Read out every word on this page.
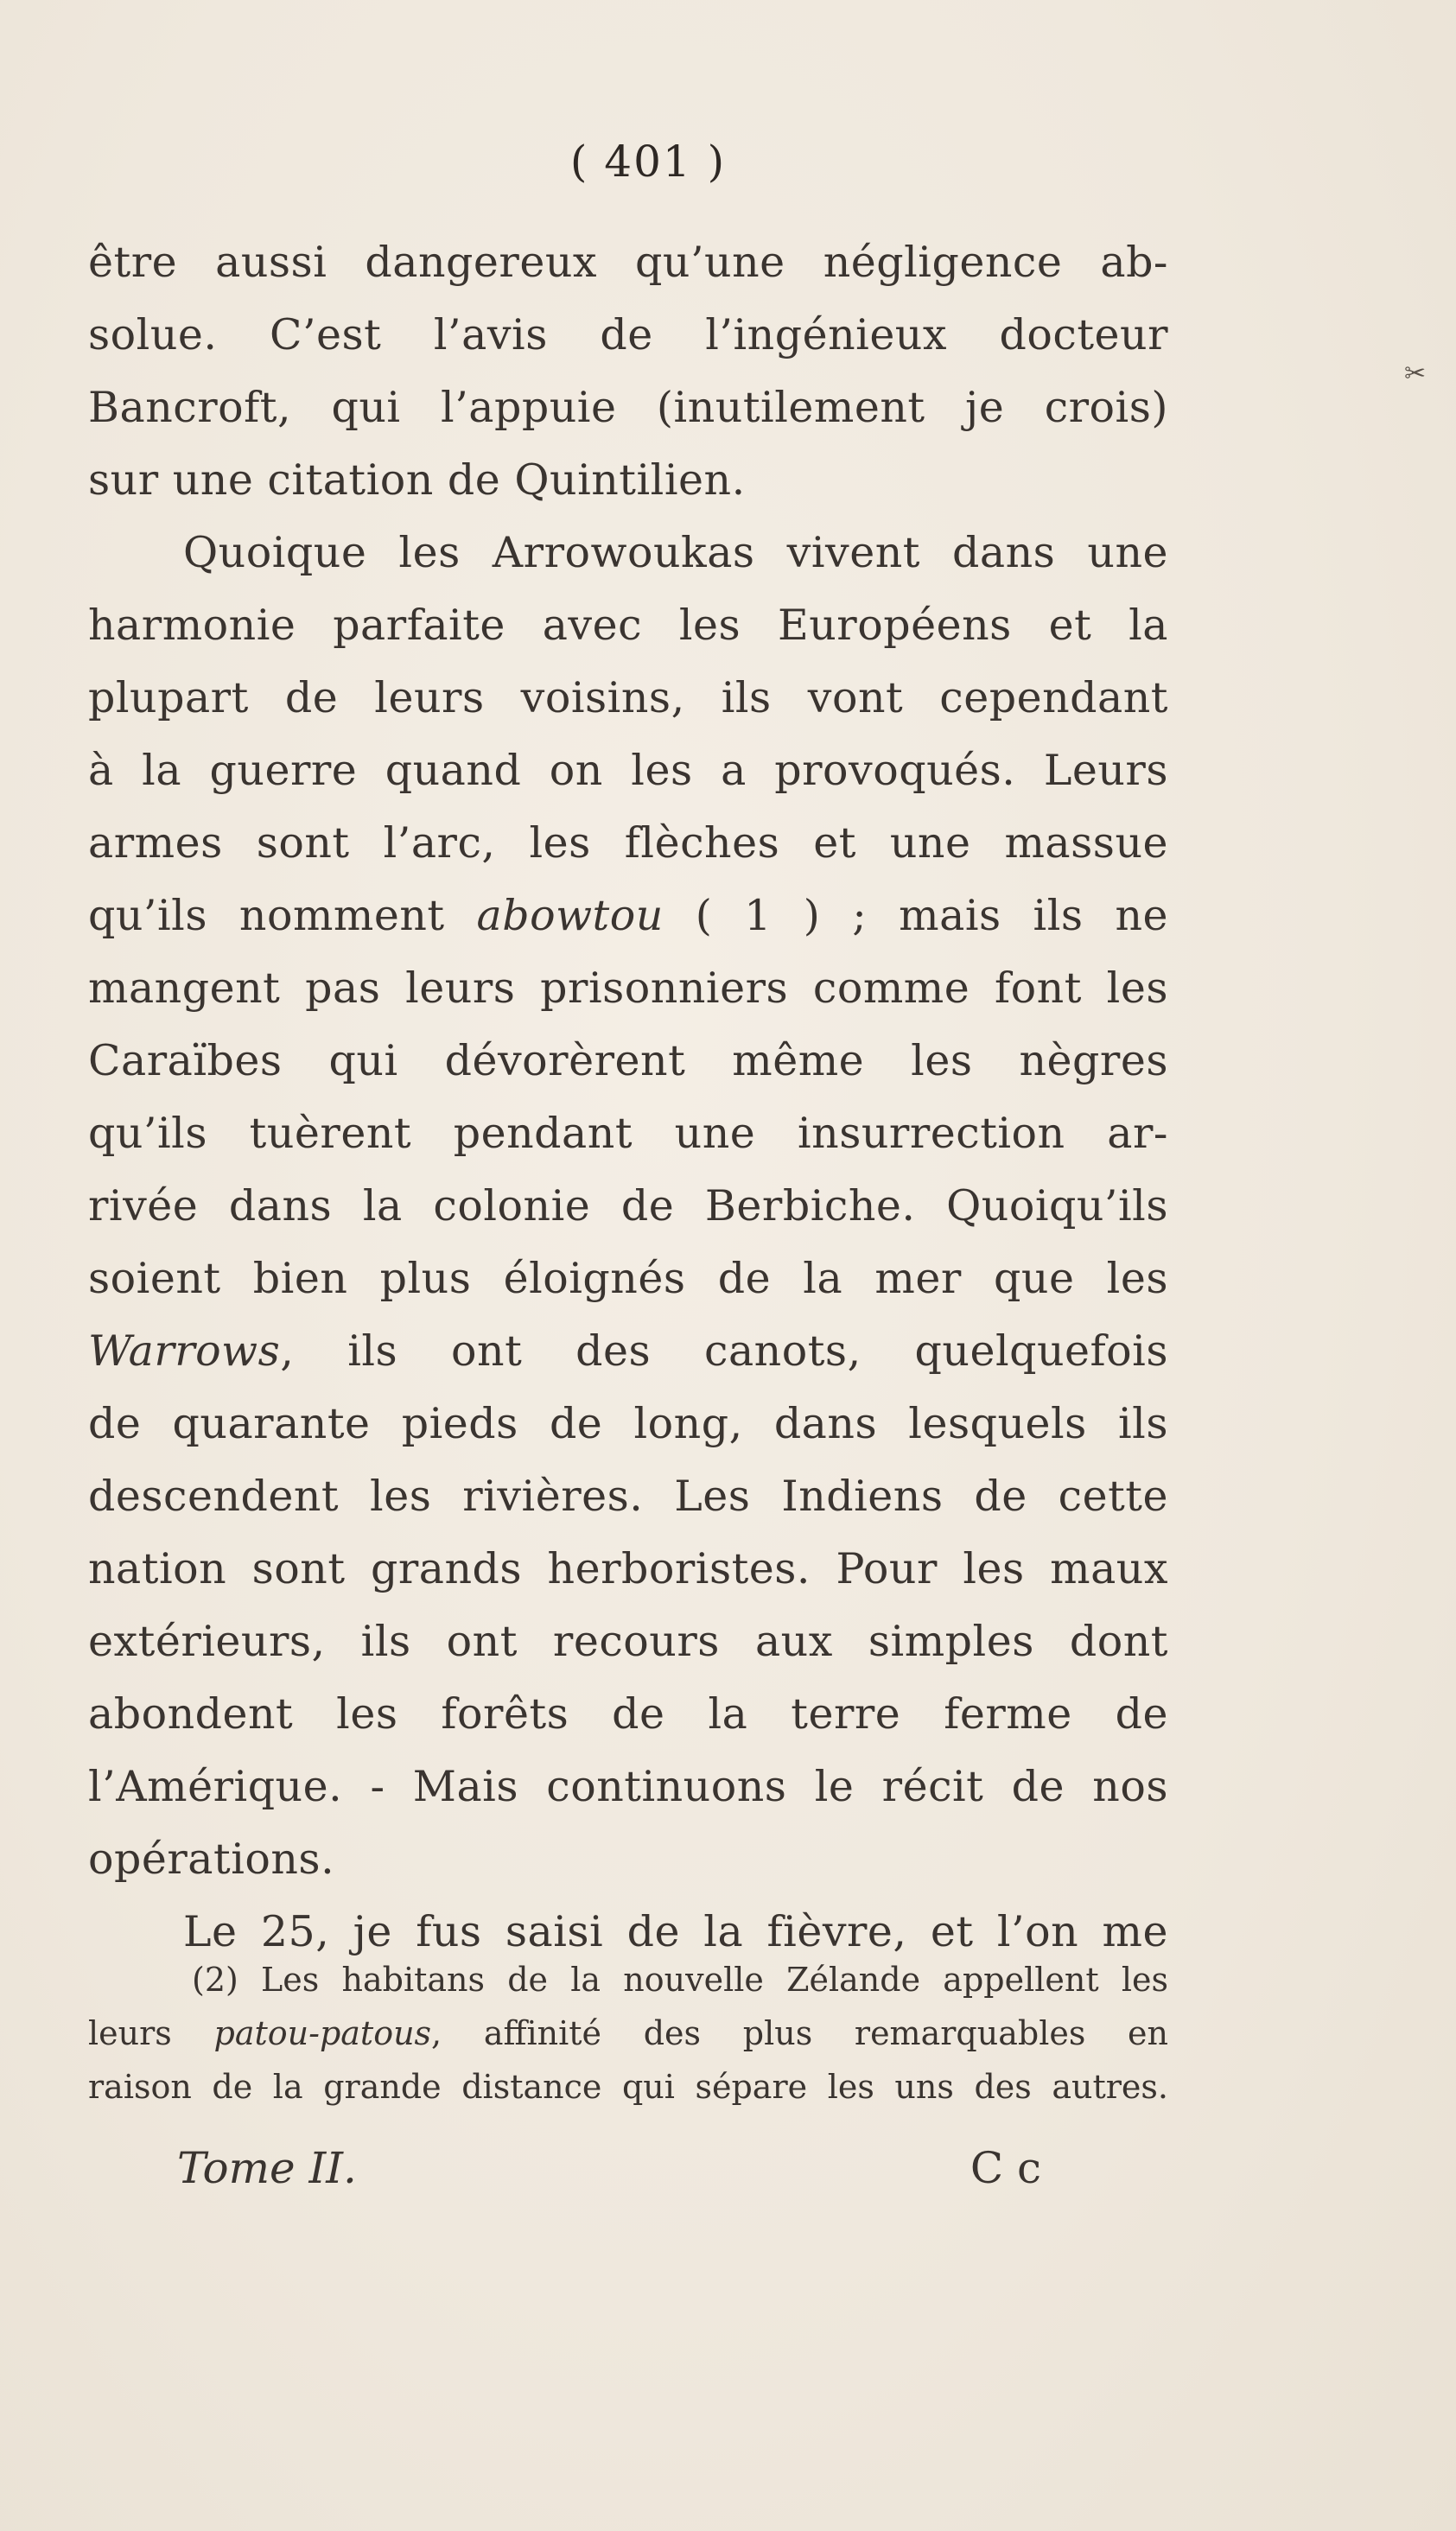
( 401 )
✂
être aussi dangereux qu’une négligence ab-
solue. C’est l’avis de l’ingénieux docteur
Bancroft, qui l’appuie (inutilement je crois)
sur une citation de Quintilien.
Quoique les Arrowoukas vivent dans une
harmonie parfaite avec les Européens et la
plupart de leurs voisins, ils vont cependant
à la guerre quand on les a provoqués. Leurs
armes sont l’arc, les flèches et une massue
qu’ils nomment abowtou ( 1 ) ; mais ils ne
mangent pas leurs prisonniers comme font les
Caraïbes qui dévorèrent même les nègres
qu’ils tuèrent pendant une insurrection ar-
rivée dans la colonie de Berbiche. Quoiqu’ils
soient bien plus éloignés de la mer que les
Warrows, ils ont des canots, quelquefois
de quarante pieds de long, dans lesquels ils
descendent les rivières. Les Indiens de cette
nation sont grands herboristes. Pour les maux
extérieurs, ils ont recours aux simples dont
abondent les forêts de la terre ferme de
l’Amérique. - Mais continuons le récit de nos
opérations.
Le 25, je fus saisi de la fièvre, et l’on me
(2) Les habitans de la nouvelle Zélande appellent les
leurs patou-patous, affinité des plus remarquables en
raison de la grande distance qui sépare les uns des autres.
Tome II.	C c
